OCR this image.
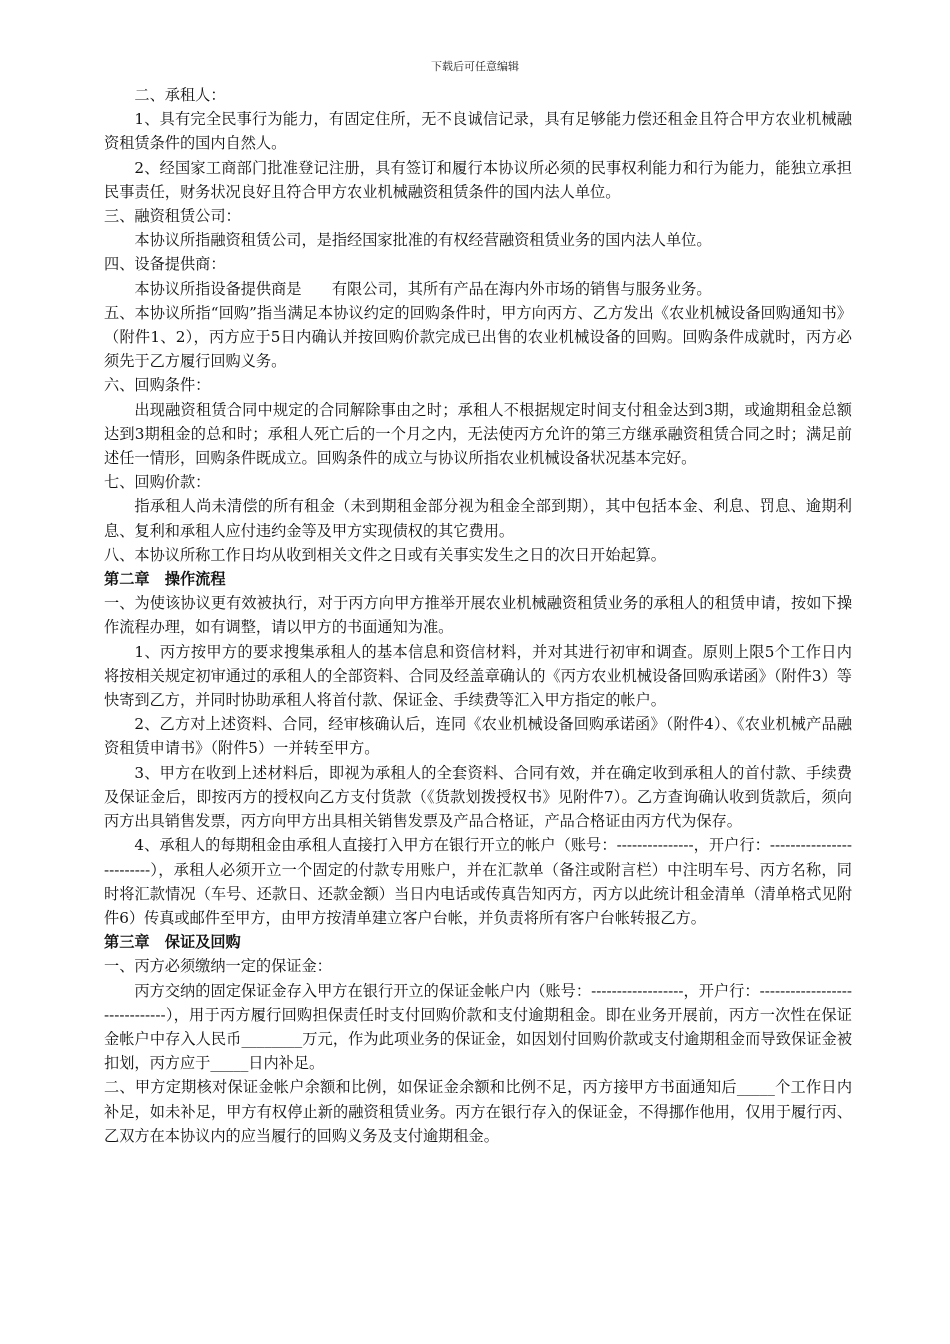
下载后可任意编辑

二、承租人：

1、具有完全民事行为能力，有固定住所，无不良诚信记录，具有足够能力偿还租金且符合甲方农业机械融资租赁条件的国内自然人。

2、经国家工商部门批准登记注册，具有签订和履行本协议所必须的民事权利能力和行为能力，能独立承担民事责任，财务状况良好且符合甲方农业机械融资租赁条件的国内法人单位。

三、融资租赁公司：

本协议所指融资租赁公司，是指经国家批准的有权经营融资租赁业务的国内法人单位。

四、设备提供商：

本协议所指设备提供商是　　有限公司，其所有产品在海内外市场的销售与服务业务。

五、本协议所指“回购”指当满足本协议约定的回购条件时，甲方向丙方、乙方发出《农业机械设备回购通知书》（附件1、2），丙方应于5日内确认并按回购价款完成已出售的农业机械设备的回购。回购条件成就时，丙方必须先于乙方履行回购义务。

六、回购条件：

出现融资租赁合同中规定的合同解除事由之时；承租人不根据规定时间支付租金达到3期，或逾期租金总额达到3期租金的总和时；承租人死亡后的一个月之内，无法使丙方允许的第三方继承融资租赁合同之时；满足前述任一情形，回购条件既成立。回购条件的成立与协议所指农业机械设备状况基本完好。

七、回购价款：

指承租人尚未清偿的所有租金（未到期租金部分视为租金全部到期），其中包括本金、利息、罚息、逾期利息、复利和承租人应付违约金等及甲方实现债权的其它费用。

八、本协议所称工作日均从收到相关文件之日或有关事实发生之日的次日开始起算。

第二章　操作流程

一、为使该协议更有效被执行，对于丙方向甲方推举开展农业机械融资租赁业务的承租人的租赁申请，按如下操作流程办理，如有调整，请以甲方的书面通知为准。

1、丙方按甲方的要求搜集承租人的基本信息和资信材料，并对其进行初审和调查。原则上限5个工作日内将按相关规定初审通过的承租人的全部资料、合同及经盖章确认的《丙方农业机械设备回购承诺函》（附件3）等快寄到乙方，并同时协助承租人将首付款、保证金、手续费等汇入甲方指定的帐户。

2、乙方对上述资料、合同，经审核确认后，连同《农业机械设备回购承诺函》（附件4）、《农业机械产品融资租赁申请书》（附件5）一并转至甲方。

3、甲方在收到上述材料后，即视为承租人的全套资料、合同有效，并在确定收到承租人的首付款、手续费及保证金后，即按丙方的授权向乙方支付货款（《货款划拨授权书》见附件7）。乙方查询确认收到货款后，须向丙方出具销售发票，丙方向甲方出具相关销售发票及产品合格证，产品合格证由丙方代为保存。

4、承租人的每期租金由承租人直接打入甲方在银行开立的帐户（账号：---------------，开户行：-------------------------），承租人必须开立一个固定的付款专用账户，并在汇款单（备注或附言栏）中注明车号、丙方名称，同时将汇款情况（车号、还款日、还款金额）当日内电话或传真告知丙方，丙方以此统计租金清单（清单格式见附件6）传真或邮件至甲方，由甲方按清单建立客户台帐，并负责将所有客户台帐转报乙方。

第三章　保证及回购

一、丙方必须缴纳一定的保证金：

丙方交纳的固定保证金存入甲方在银行开立的保证金帐户内（账号：------------------，开户行：------------------------------），用于丙方履行回购担保责任时支付回购价款和支付逾期租金。即在业务开展前，丙方一次性在保证金帐户中存入人民币________万元，作为此项业务的保证金，如因划付回购价款或支付逾期租金而导致保证金被扣划，丙方应于_____日内补足。

二、甲方定期核对保证金帐户余额和比例，如保证金余额和比例不足，丙方接甲方书面通知后_____个工作日内补足，如未补足，甲方有权停止新的融资租赁业务。丙方在银行存入的保证金，不得挪作他用，仅用于履行丙、乙双方在本协议内的应当履行的回购义务及支付逾期租金。
